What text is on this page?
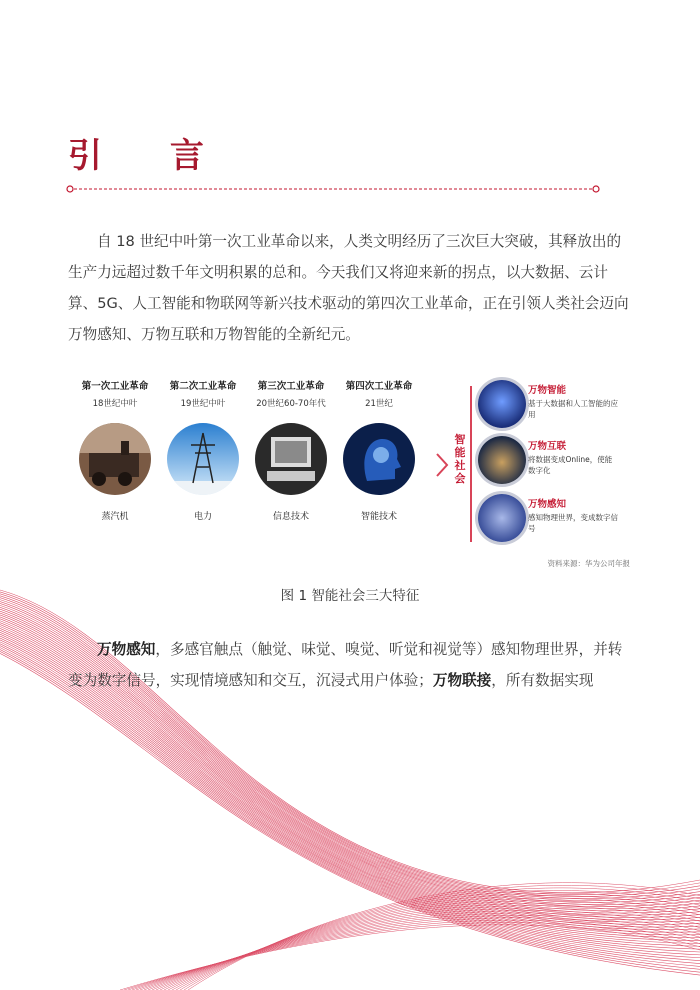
引 言
自 18 世纪中叶第一次工业革命以来，人类文明经历了三次巨大突破，其释放出的生产力远超过数千年文明积累的总和。今天我们又将迎来新的拐点，以大数据、云计算、5G、人工智能和物联网等新兴技术驱动的第四次工业革命，正在引领人类社会迈向万物感知、万物互联和万物智能的全新纪元。
第一次工业革命
18世纪中叶
蒸汽机
第二次工业革命
19世纪中叶
电力
第三次工业革命
20世纪60-70年代
信息技术
第四次工业革命
21世纪
智能技术
智能社会
万物智能
基于大数据和人工智能的应用
万物互联
将数据变成Online，使能数字化
万物感知
感知物理世界，变成数字信号
资料来源：华为公司年报
图 1 智能社会三大特征
万物感知，多感官触点（触觉、味觉、嗅觉、听觉和视觉等）感知物理世界，并转变为数字信号，实现情境感知和交互，沉浸式用户体验；万物联接，所有数据实现
